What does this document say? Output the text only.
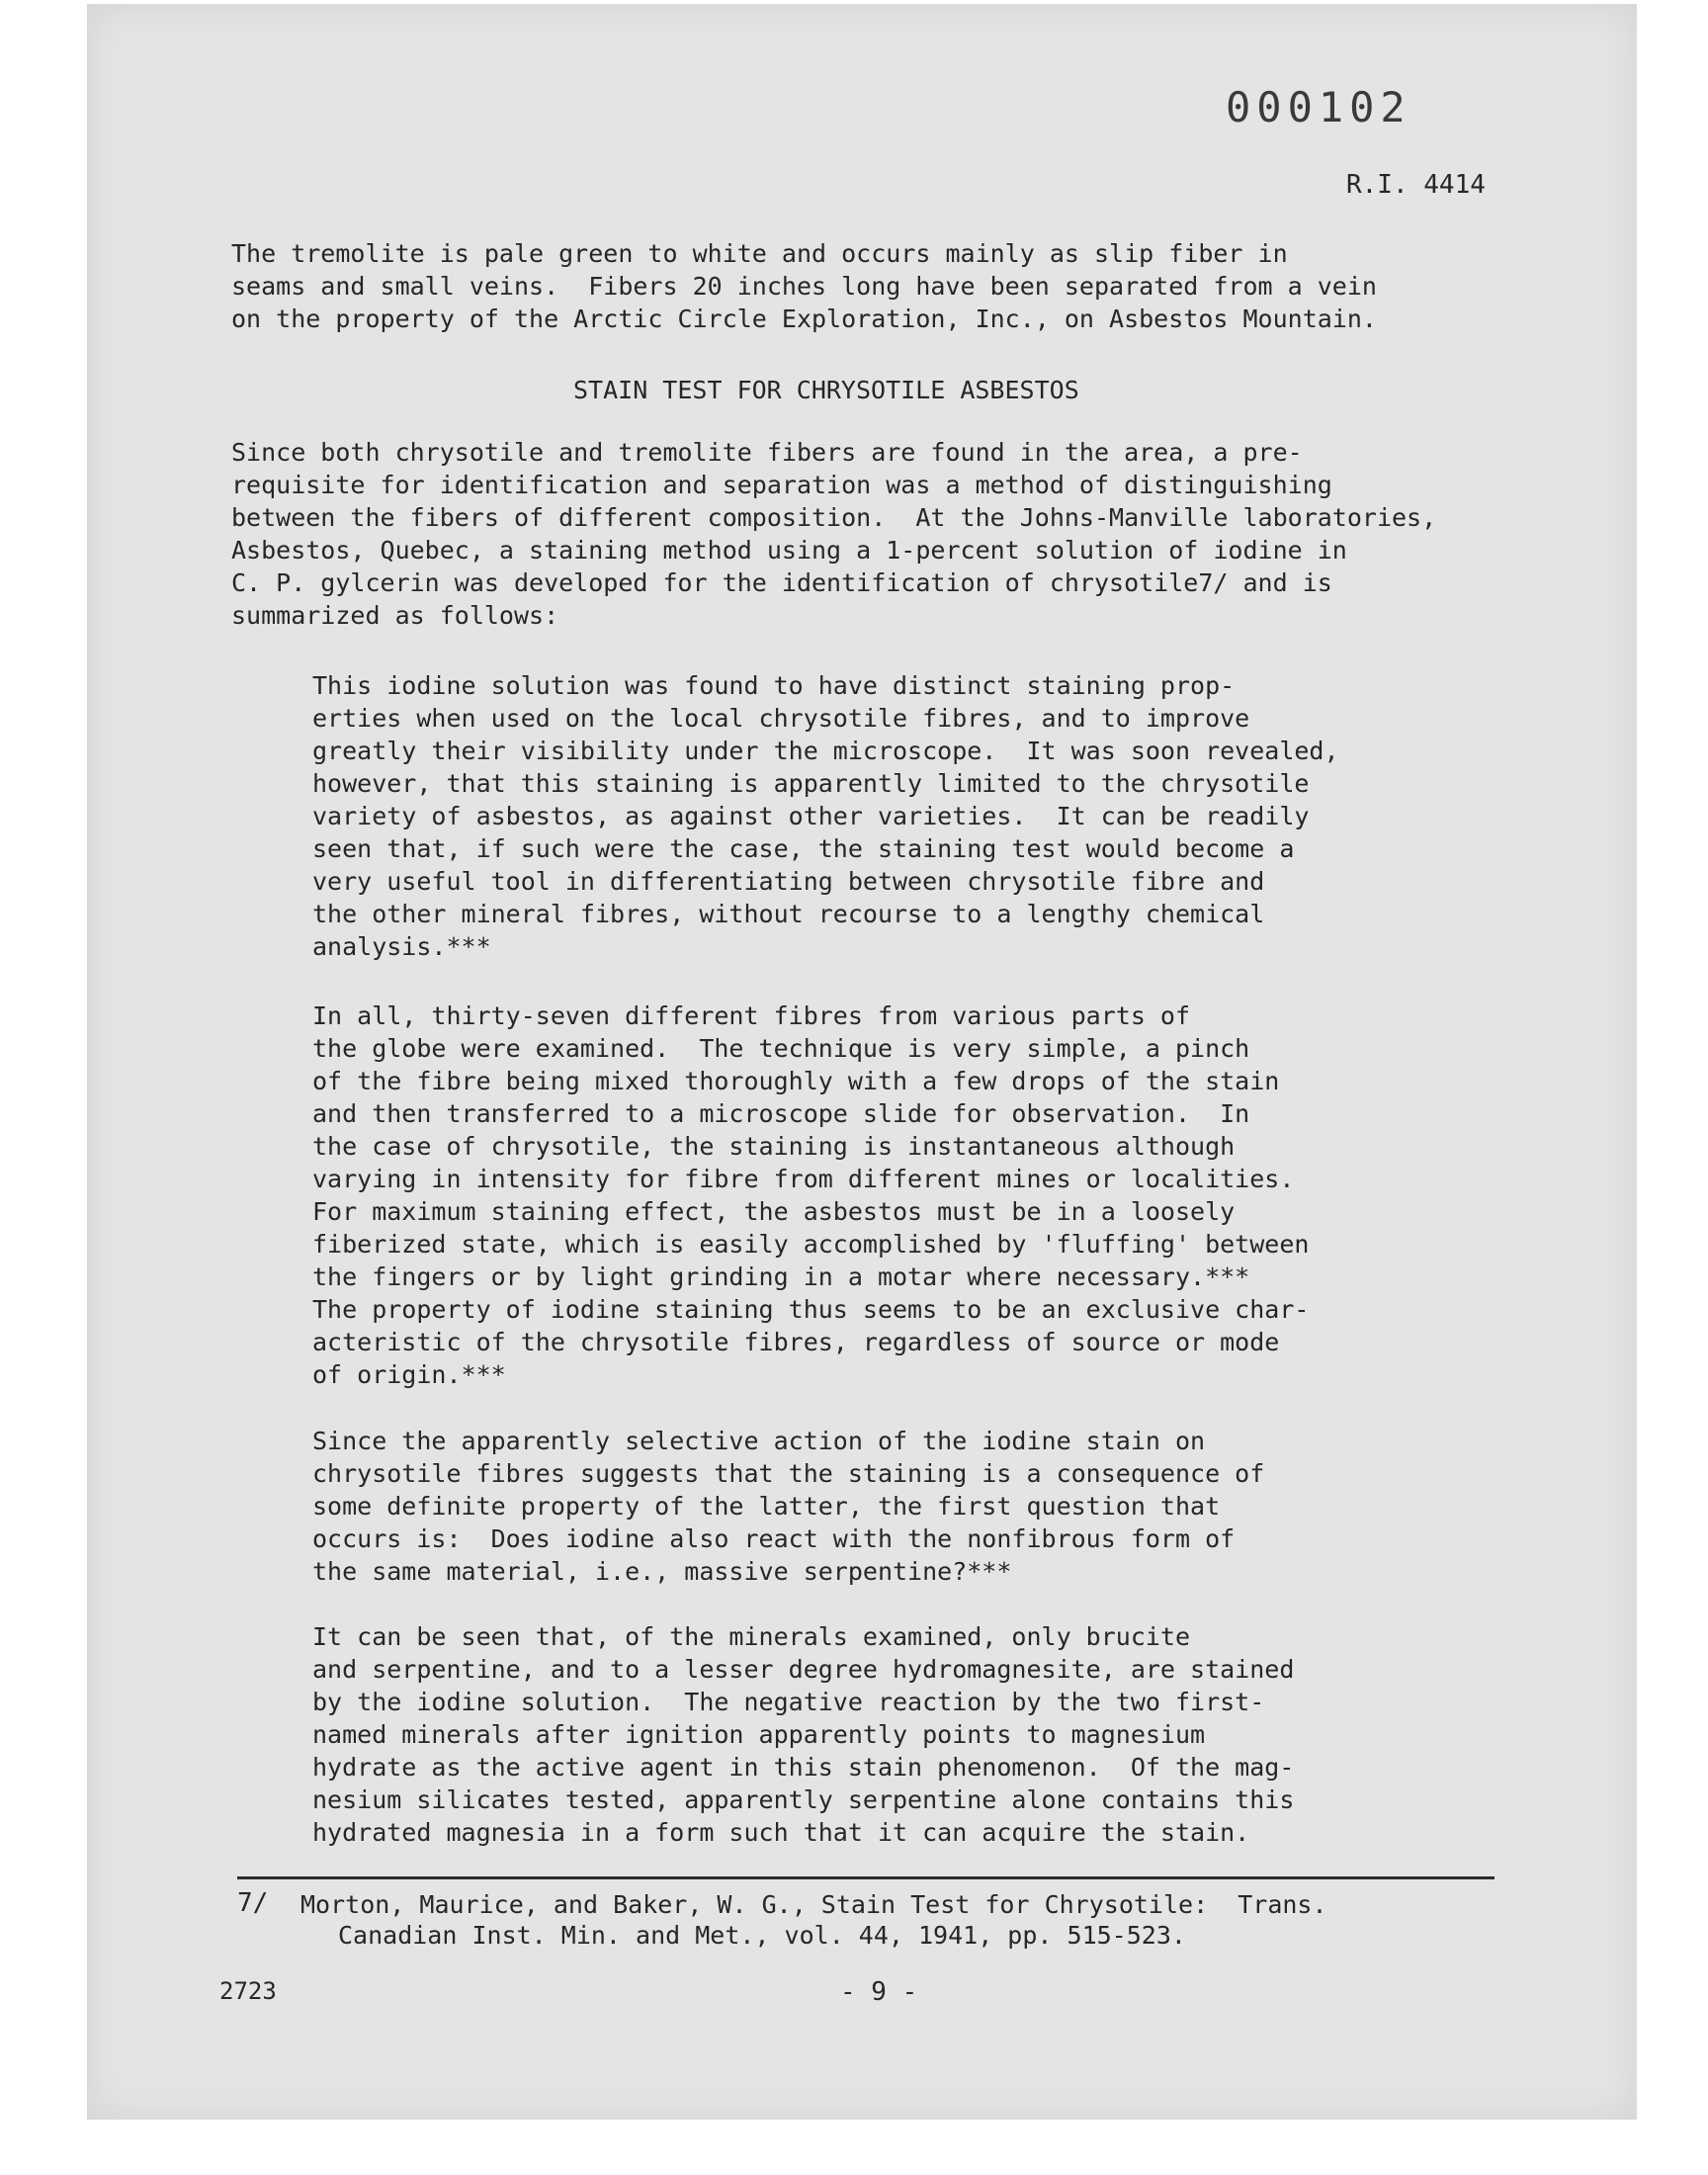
000102
R.I. 4414
The tremolite is pale green to white and occurs mainly as slip fiber in
seams and small veins.  Fibers 20 inches long have been separated from a vein
on the property of the Arctic Circle Exploration, Inc., on Asbestos Mountain.
STAIN TEST FOR CHRYSOTILE ASBESTOS
Since both chrysotile and tremolite fibers are found in the area, a pre-
requisite for identification and separation was a method of distinguishing
between the fibers of different composition.  At the Johns-Manville laboratories,
Asbestos, Quebec, a staining method using a 1-percent solution of iodine in
C. P. gylcerin was developed for the identification of chrysotile7/ and is
summarized as follows:
This iodine solution was found to have distinct staining prop-
erties when used on the local chrysotile fibres, and to improve
greatly their visibility under the microscope.  It was soon revealed,
however, that this staining is apparently limited to the chrysotile
variety of asbestos, as against other varieties.  It can be readily
seen that, if such were the case, the staining test would become a
very useful tool in differentiating between chrysotile fibre and
the other mineral fibres, without recourse to a lengthy chemical
analysis.***
In all, thirty-seven different fibres from various parts of
the globe were examined.  The technique is very simple, a pinch
of the fibre being mixed thoroughly with a few drops of the stain
and then transferred to a microscope slide for observation.  In
the case of chrysotile, the staining is instantaneous although
varying in intensity for fibre from different mines or localities.
For maximum staining effect, the asbestos must be in a loosely
fiberized state, which is easily accomplished by 'fluffing' between
the fingers or by light grinding in a motar where necessary.***
The property of iodine staining thus seems to be an exclusive char-
acteristic of the chrysotile fibres, regardless of source or mode
of origin.***
Since the apparently selective action of the iodine stain on
chrysotile fibres suggests that the staining is a consequence of
some definite property of the latter, the first question that
occurs is:  Does iodine also react with the nonfibrous form of
the same material, i.e., massive serpentine?***
It can be seen that, of the minerals examined, only brucite
and serpentine, and to a lesser degree hydromagnesite, are stained
by the iodine solution.  The negative reaction by the two first-
named minerals after ignition apparently points to magnesium
hydrate as the active agent in this stain phenomenon.  Of the mag-
nesium silicates tested, apparently serpentine alone contains this
hydrated magnesia in a form such that it can acquire the stain.
7/ Morton, Maurice, and Baker, W. G., Stain Test for Chrysotile:  Trans.
Canadian Inst. Min. and Met., vol. 44, 1941, pp. 515-523.
2723	- 9 -
